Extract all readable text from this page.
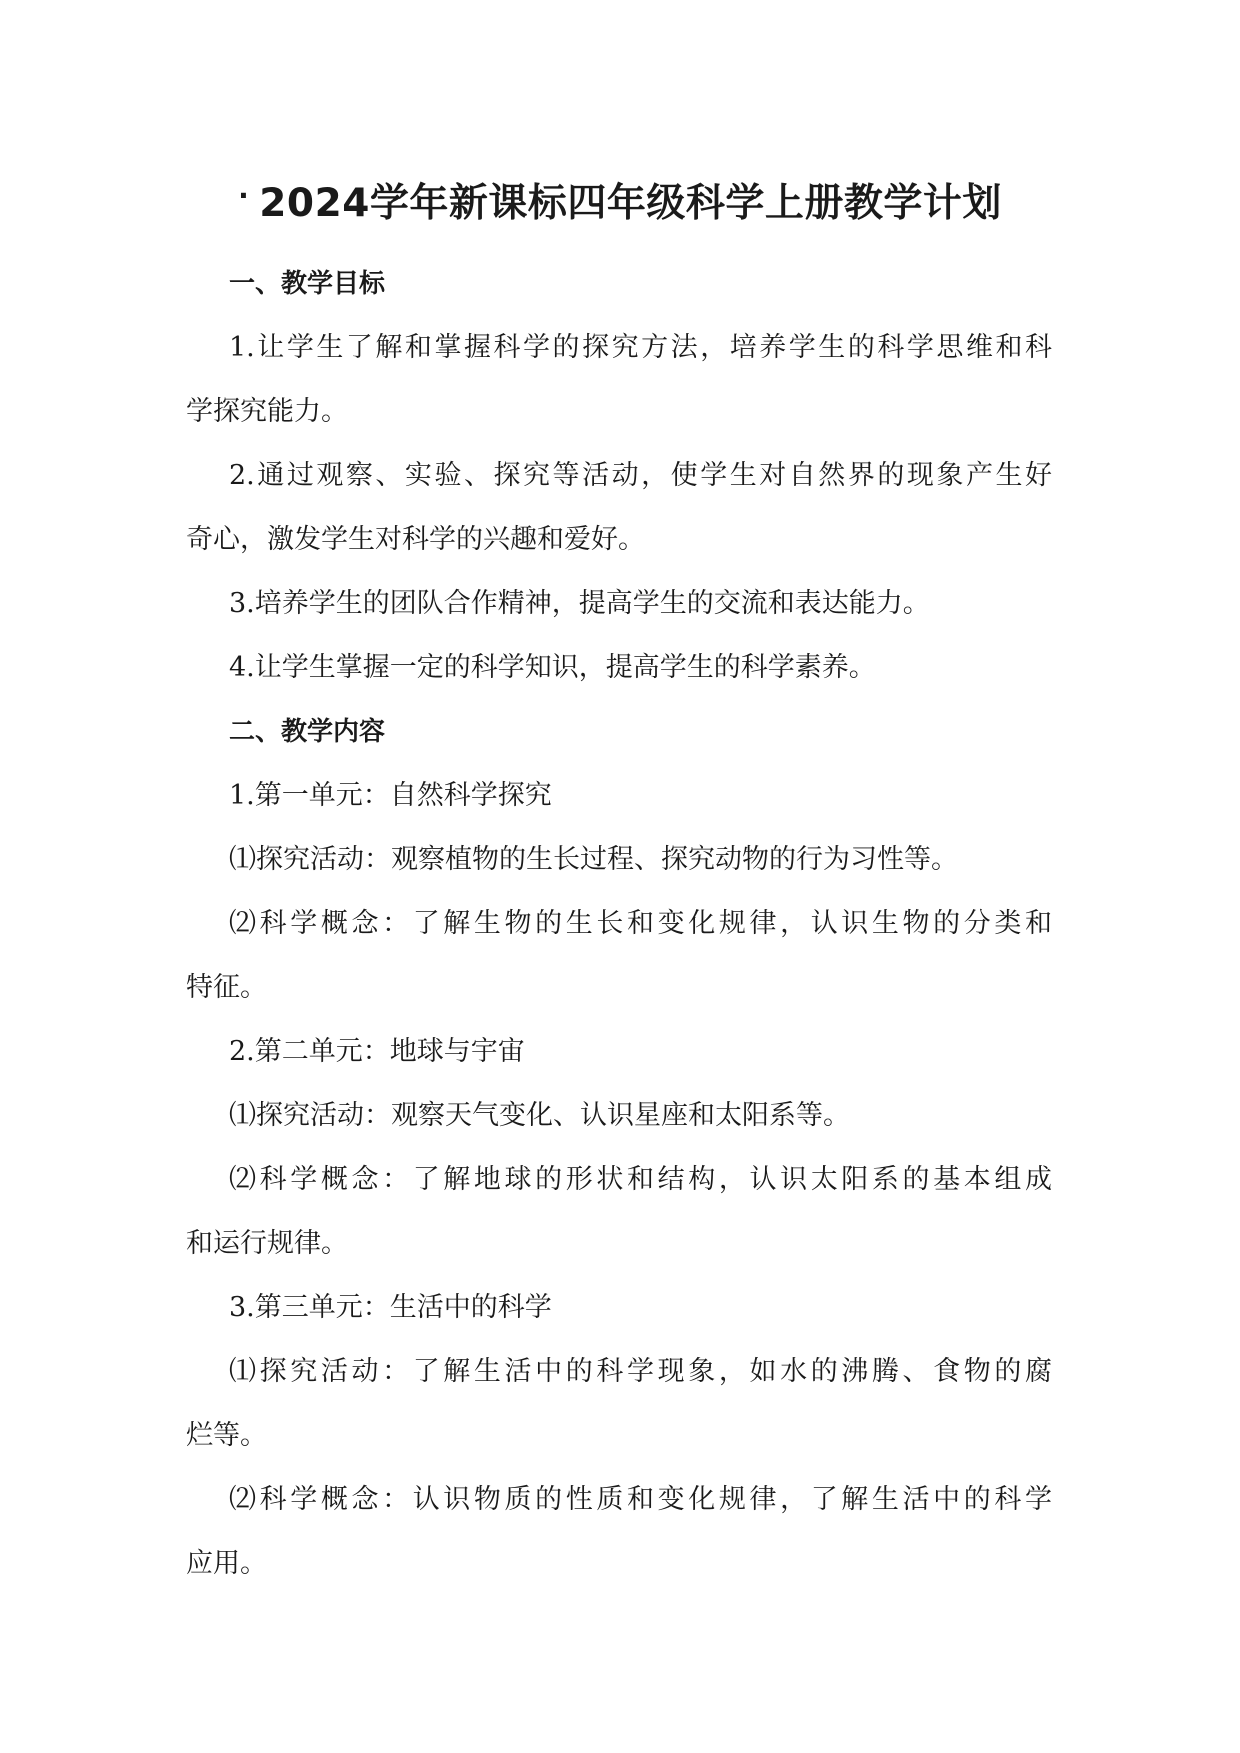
· 2024学年新课标四年级科学上册教学计划
一、教学目标
1.让学生了解和掌握科学的探究方法，培养学生的科学思维和科
学探究能力。
2.通过观察、实验、探究等活动，使学生对自然界的现象产生好
奇心，激发学生对科学的兴趣和爱好。
3.培养学生的团队合作精神，提高学生的交流和表达能力。
4.让学生掌握一定的科学知识，提高学生的科学素养。
二、教学内容
1.第一单元：自然科学探究
⑴探究活动：观察植物的生长过程、探究动物的行为习性等。
⑵科学概念：了解生物的生长和变化规律，认识生物的分类和
特征。
2.第二单元：地球与宇宙
⑴探究活动：观察天气变化、认识星座和太阳系等。
⑵科学概念：了解地球的形状和结构，认识太阳系的基本组成
和运行规律。
3.第三单元：生活中的科学
⑴探究活动：了解生活中的科学现象，如水的沸腾、食物的腐
烂等。
⑵科学概念：认识物质的性质和变化规律，了解生活中的科学
应用。
